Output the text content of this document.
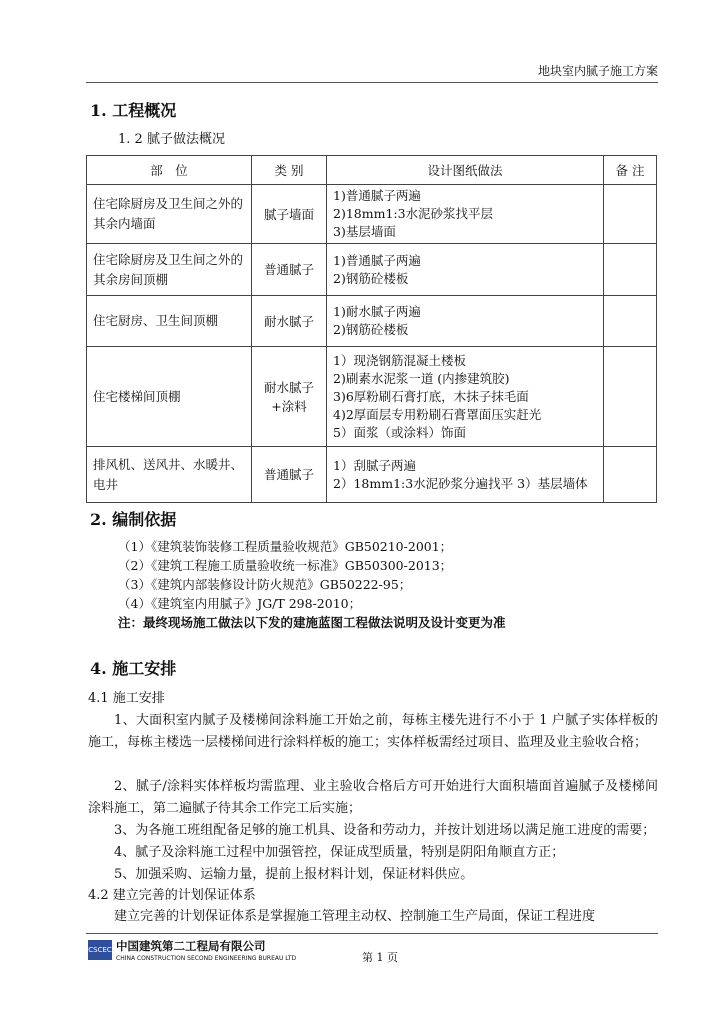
地块室内腻子施工方案
1. 工程概况
1. 2 腻子做法概况
部　位	类 别	设计图纸做法	备 注
住宅除厨房及卫生间之外的其余内墙面	腻子墙面	1)普通腻子两遍
2)18mm1:3水泥砂浆找平层
3)基层墙面	

住宅除厨房及卫生间之外的其余房间顶棚	普通腻子	1)普通腻子两遍
2)钢筋砼楼板	

住宅厨房、卫生间顶棚	耐水腻子	1)耐水腻子两遍
2)钢筋砼楼板	

住宅楼梯间顶棚	耐水腻子+涂料	1）现浇钢筋混凝土楼板
2)刷素水泥浆一道 (内掺建筑胶)
3)6厚粉刷石膏打底，木抹子抹毛面
4)2厚面层专用粉刷石膏罩面压实赶光
5）面浆（或涂料）饰面	

排风机、送风井、水暖井、电井	普通腻子	1）刮腻子两遍
2）18mm1:3水泥砂浆分遍找平 3）基层墙体	

2. 编制依据
（1）《建筑装饰装修工程质量验收规范》GB50210-2001；
（2）《建筑工程施工质量验收统一标准》GB50300-2013；
（3）《建筑内部装修设计防火规范》GB50222-95；
（4）《建筑室内用腻子》JG/T 298-2010；
注：最终现场施工做法以下发的建施蓝图工程做法说明及设计变更为准
4. 施工安排
4.1 施工安排
1、大面积室内腻子及楼梯间涂料施工开始之前，每栋主楼先进行不小于 1 户腻子实体样板的施工，每栋主楼选一层楼梯间进行涂料样板的施工；实体样板需经过项目、监理及业主验收合格；
2、腻子/涂料实体样板均需监理、业主验收合格后方可开始进行大面积墙面首遍腻子及楼梯间涂料施工，第二遍腻子待其余工作完工后实施；
3、为各施工班组配备足够的施工机具、设备和劳动力，并按计划进场以满足施工进度的需要；
4、腻子及涂料施工过程中加强管控，保证成型质量，特别是阴阳角顺直方正；
5、加强采购、运输力量，提前上报材料计划，保证材料供应。
4.2 建立完善的计划保证体系
建立完善的计划保证体系是掌握施工管理主动权、控制施工生产局面，保证工程进度
CSCEC 中国建筑第二工程局有限公司
CHINA CONSTRUCTION SECOND ENGINEERING BUREAU LTD	第 1 页
